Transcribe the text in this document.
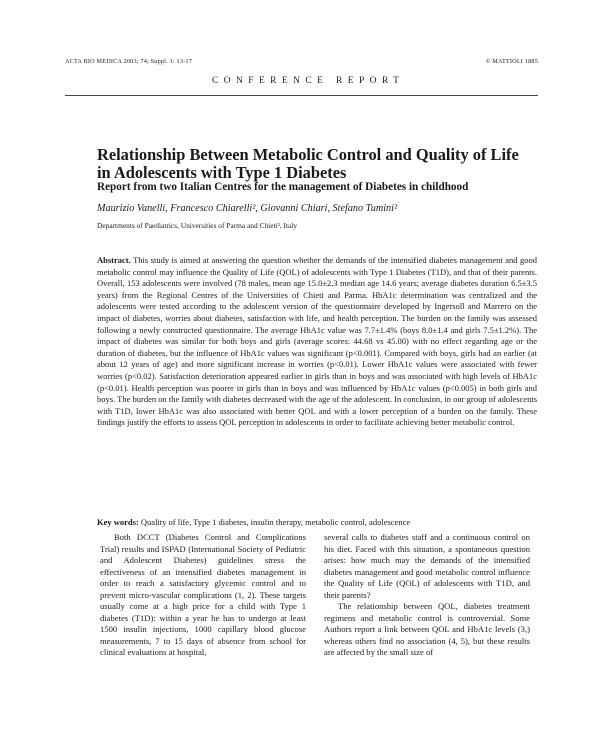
ACTA BIO MEDICA 2003; 74; Suppl. 1: 13-17	© MATTIOLI 1885
CONFERENCE REPORT
Relationship Between Metabolic Control and Quality of Life in Adolescents with Type 1 Diabetes
Report from two Italian Centres for the management of Diabetes in childhood
Maurizio Vanelli, Francesco Chiarelli², Giovanni Chiari, Stefano Tumini²
Departments of Paediatrics, Universities of Parma and Chieti², Italy
Abstract. This study is aimed at answering the question whether the demands of the intensified diabetes management and good metabolic control may influence the Quality of Life (QOL) of adolescents with Type 1 Diabetes (T1D), and that of their parents. Overall, 153 adolescents were involved (78 males, mean age 15.0±2.3 median age 14.6 years; average diabetes duration 6.5±3.5 years) from the Regional Centres of the Universities of Chieti and Parma. HbA1c determination was centralized and the adolescents were tested according to the adolescent version of the questionnaire developed by Ingersoll and Marrero on the impact of diabetes, worries about diabetes, satisfaction with life, and health perception. The burden on the family was assessed following a newly constructed questionnaire. The average HbA1c value was 7.7±1.4% (boys 8.0±1.4 and girls 7.5±1.2%). The impact of diabetes was similar for both boys and girls (average scores: 44.68 vs 45.00) with no effect regarding age or the duration of diabetes, but the influence of HbA1c values was significant (p<0.001). Compared with boys, girls had an earlier (at about 12 years of age) and more significant increase in worries (p<0.01). Lower HbA1c values were associated with fewer worries (p<0.02). Satisfaction deterioration appeared earlier in girls than in boys and was associated with high levels of HbA1c (p<0.01). Health perception was poorer in girls than in boys and was influenced by HbA1c values (p<0.005) in both girls and boys. The burden on the family with diabetes decreased with the age of the adolescent. In conclusion, in our group of adolescents with T1D, lower HbA1c was also associated with better QOL and with a lower perception of a burden on the family. These findings justify the efforts to assess QOL perception in adolescents in order to facilitate achieving better metabolic control.
Key words: Quality of life, Type 1 diabetes, insulin therapy, metabolic control, adolescence

Both DCCT (Diabetes Control and Complications Trial) results and ISPAD (International Society of Pediatric and Adolescent Diabetes) guidelines stress the effectiveness of an intensified diabetes management in order to reach a satisfactory glycemic control and to prevent micro-vascular complications (1, 2). These targets usually come at a high price for a child with Type 1 diabetes (T1D): within a year he has to undergo at least 1500 insulin injections, 1000 capillary blood glucose measurements, 7 to 15 days of absence from school for clinical evaluations at hospital,

several calls to diabetes staff and a continuous control on his diet. Faced with this situation, a spontaneous question arises: how much may the demands of the intensified diabetes management and good metabolic control influence the Quality of Life (QOL) of adolescents with T1D, and their parents?

The relationship between QOL, diabetes treatment regimens and metabolic control is controversial. Some Authors report a link between QOL and HbA1c levels (3,) whereas others find no association (4, 5), but these results are affected by the small size of
